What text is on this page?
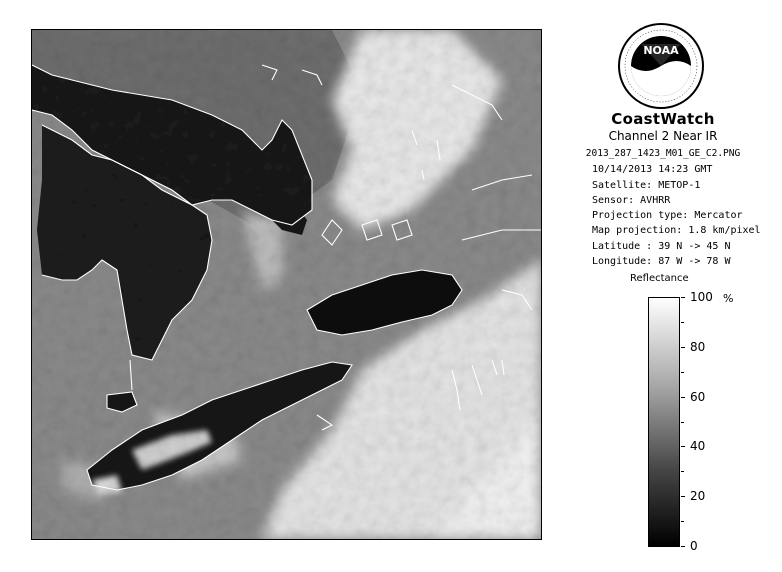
NOAA
CoastWatch
Channel 2 Near IR
2013_287_1423_M01_GE_C2.PNG
10/14/2013 14:23 GMT
Satellite: METOP-1
Sensor: AVHRR
Projection type: Mercator
Map projection: 1.8 km/pixel
Latitude : 39 N -> 45 N
Longitude: 87 W -> 78 W
Reflectance
%
100
80
60
40
20
0
